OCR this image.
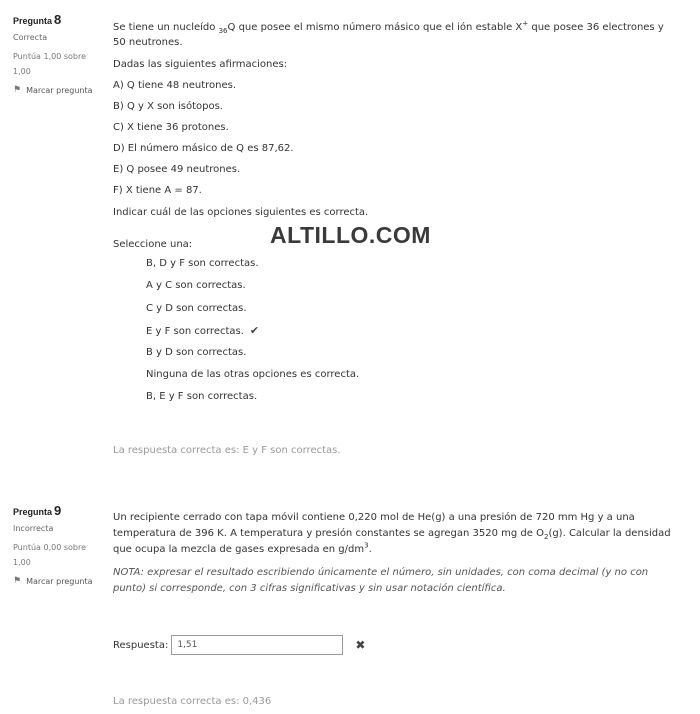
Pregunta 8
Correcta
Puntúa 1,00 sobre
1,00
⚑ Marcar pregunta
Se tiene un nucleído $_{36}$Q que posee el mismo número másico que el ión estable X+ que posee 36 electrones y 50 neutrones.
Dadas las siguientes afirmaciones:
A) Q tiene 48 neutrones.
B) Q y X son isótopos.
C) X tiene 36 protones.
D) El número másico de Q es 87,62.
E) Q posee 49 neutrones.
F) X tiene A = 87.
Indicar cuál de las opciones siguientes es correcta.
Seleccione una:	ALTILLO.COM
B, D y F son correctas.
A y C son correctas.
C y D son correctas.
E y F son correctas. ✔
B y D son correctas.
Ninguna de las otras opciones es correcta.
B, E y F son correctas.
La respuesta correcta es: E y F son correctas.
Pregunta 9
Incorrecta
Puntúa 0,00 sobre
1,00
⚑ Marcar pregunta
Un recipiente cerrado con tapa móvil contiene 0,220 mol de He(g) a una presión de 720 mm Hg y a una temperatura de 396 K. A temperatura y presión constantes se agregan 3520 mg de $O_2(g)$. Calcular la densidad que ocupa la mezcla de gases expresada en $g/dm^3$.
NOTA: expresar el resultado escribiendo únicamente el número, sin unidades, con coma decimal (y no con punto) si corresponde, con 3 cifras significativas y sin usar notación científica.
Respuesta:
1,51	✖
La respuesta correcta es: 0,436
